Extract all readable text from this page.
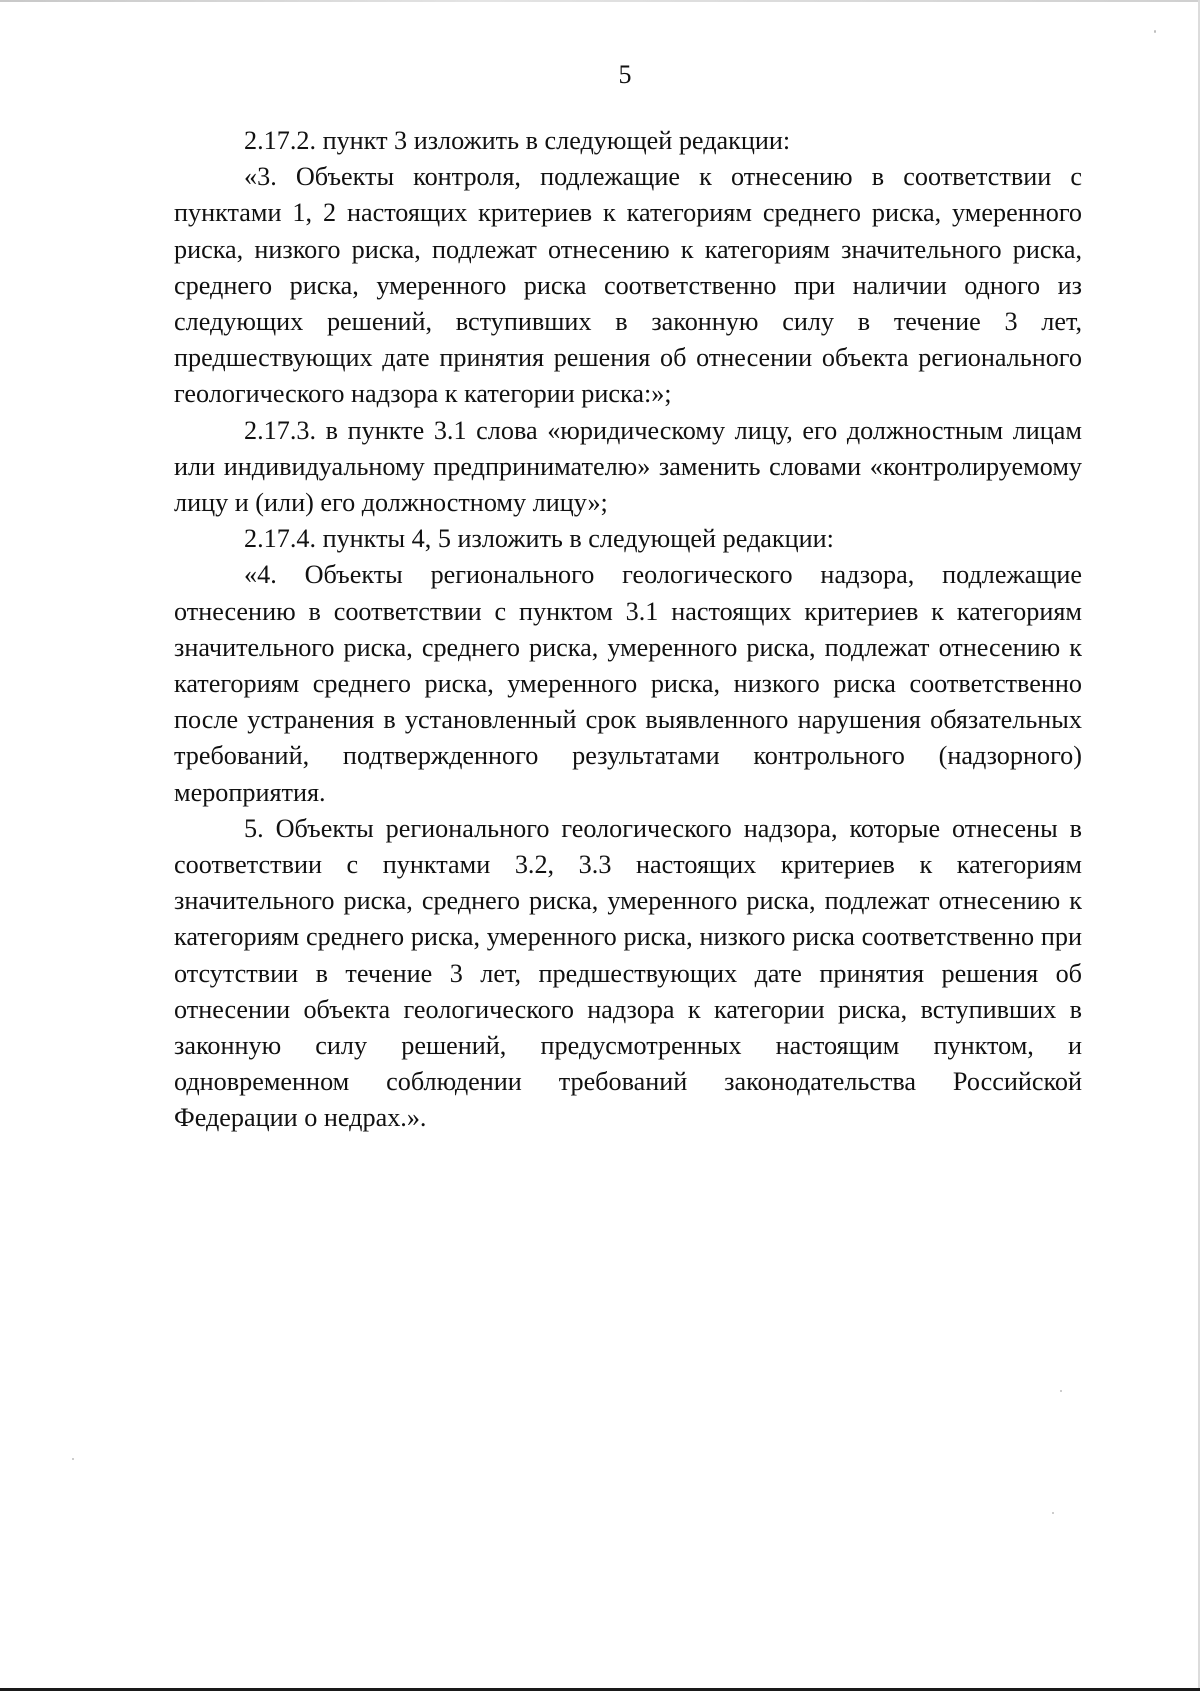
5

2.17.2. пункт 3 изложить в следующей редакции:

«3. Объекты контроля, подлежащие к отнесению в соответствии с пунктами 1, 2 настоящих критериев к категориям среднего риска, умеренного риска, низкого риска, подлежат отнесению к категориям значительного риска, среднего риска, умеренного риска соответственно при наличии одного из следующих решений, вступивших в законную силу в течение 3 лет, предшествующих дате принятия решения об отнесении объекта регионального геологического надзора к категории риска:»;

2.17.3. в пункте 3.1 слова «юридическому лицу, его должностным лицам или индивидуальному предпринимателю» заменить словами «контролируемому лицу и (или) его должностному лицу»;

2.17.4. пункты 4, 5 изложить в следующей редакции:

«4. Объекты регионального геологического надзора, подлежащие отнесению в соответствии с пунктом 3.1 настоящих критериев к категориям значительного риска, среднего риска, умеренного риска, подлежат отнесению к категориям среднего риска, умеренного риска, низкого риска соответственно после устранения в установленный срок выявленного нарушения обязательных требований, подтвержденного результатами контрольного (надзорного) мероприятия.

5. Объекты регионального геологического надзора, которые отнесены в соответствии с пунктами 3.2, 3.3 настоящих критериев к категориям значительного риска, среднего риска, умеренного риска, подлежат отнесению к категориям среднего риска, умеренного риска, низкого риска соответственно при отсутствии в течение 3 лет, предшествующих дате принятия решения об отнесении объекта геологического надзора к категории риска, вступивших в законную силу решений, предусмотренных настоящим пунктом, и одновременном соблюдении требований законодательства Российской Федерации о недрах.».
